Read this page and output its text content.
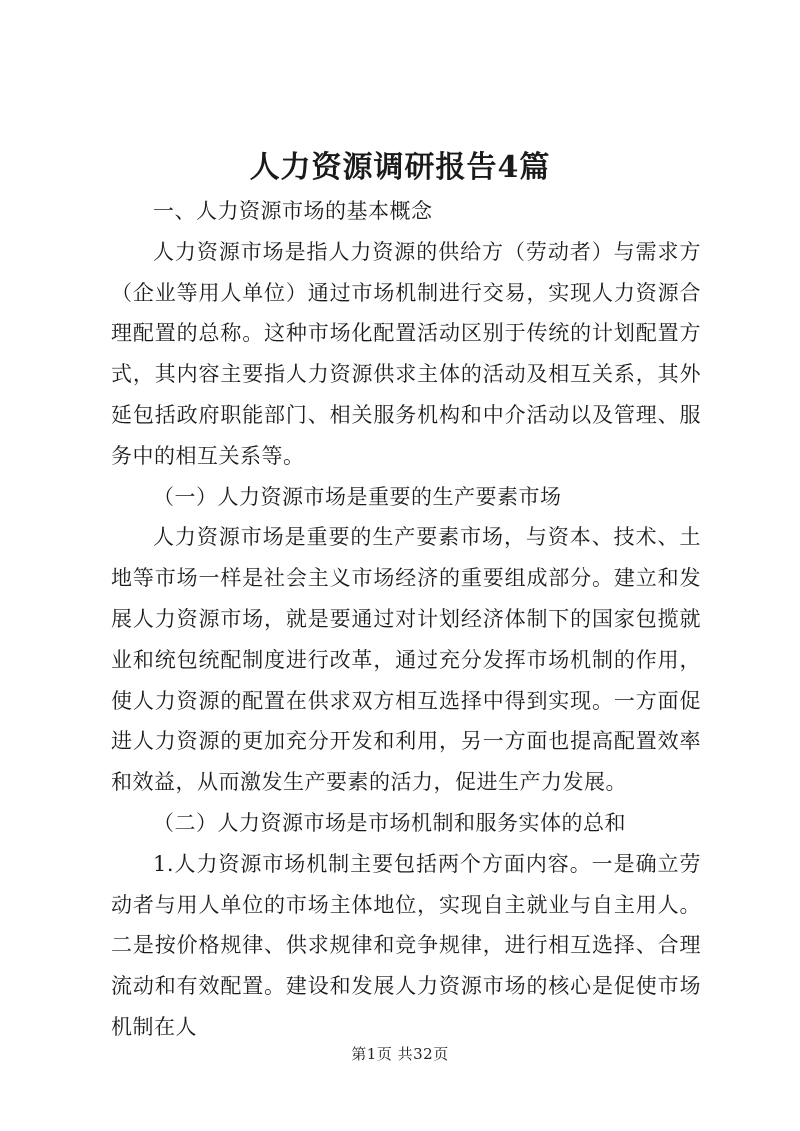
人力资源调研报告4篇

一、人力资源市场的基本概念

人力资源市场是指人力资源的供给方（劳动者）与需求方（企业等用人单位）通过市场机制进行交易，实现人力资源合理配置的总称。这种市场化配置活动区别于传统的计划配置方式，其内容主要指人力资源供求主体的活动及相互关系，其外延包括政府职能部门、相关服务机构和中介活动以及管理、服务中的相互关系等。

（一）人力资源市场是重要的生产要素市场

人力资源市场是重要的生产要素市场，与资本、技术、土地等市场一样是社会主义市场经济的重要组成部分。建立和发展人力资源市场，就是要通过对计划经济体制下的国家包揽就业和统包统配制度进行改革，通过充分发挥市场机制的作用，使人力资源的配置在供求双方相互选择中得到实现。一方面促进人力资源的更加充分开发和利用，另一方面也提高配置效率和效益，从而激发生产要素的活力，促进生产力发展。

（二）人力资源市场是市场机制和服务实体的总和

1.人力资源市场机制主要包括两个方面内容。一是确立劳动者与用人单位的市场主体地位，实现自主就业与自主用人。二是按价格规律、供求规律和竞争规律，进行相互选择、合理流动和有效配置。建设和发展人力资源市场的核心是促使市场机制在人

第1页 共32页
